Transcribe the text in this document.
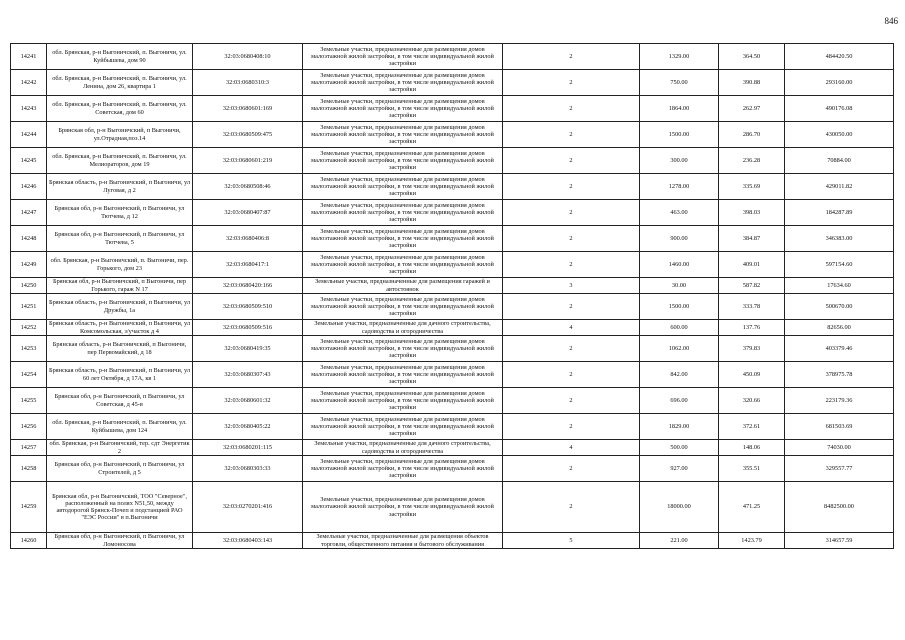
846
14241	обл. Брянская, р-н Выгоничский, п. Выгоничи, ул. Куйбышева, дом 90	32:03:0680408:10	Земельные участки, предназначенные для размещения домов малоэтажной жилой застройки, в том числе индивидуальной жилой застройки	2	1329.00	364.50	484420.50
14242	обл. Брянская, р-н Выгоничский, п. Выгоничи, ул. Ленина, дом 26, квартира 1	32:03:0680310:3	Земельные участки, предназначенные для размещения домов малоэтажной жилой застройки, в том числе индивидуальной жилой застройки	2	750.00	390.88	293160.00
14243	обл. Брянская, р-н Выгоничский, п. Выгоничи, ул. Советская, дом 60	32:03:0680601:169	Земельные участки, предназначенные для размещения домов малоэтажной жилой застройки, в том числе индивидуальной жилой застройки	2	1864.00	262.97	490176.08
14244	Брянская обл, р-н Выгоничский, п Выгоничи, ул.Отрадная,поз.14	32:03:0680509:475	Земельные участки, предназначенные для размещения домов малоэтажной жилой застройки, в том числе индивидуальной жилой застройки	2	1500.00	286.70	430050.00
14245	обл. Брянская, р-н Выгоничский, п. Выгоничи, ул. Мелиораторов, дом 19	32:03:0680601:219	Земельные участки, предназначенные для размещения домов малоэтажной жилой застройки, в том числе индивидуальной жилой застройки	2	300.00	236.28	70884.00
14246	Брянская область, р-н Выгоничский, п Выгоничи, ул Луговая, д 2	32:03:0680508:46	Земельные участки, предназначенные для размещения домов малоэтажной жилой застройки, в том числе индивидуальной жилой застройки	2	1278.00	335.69	429011.82
14247	Брянская обл, р-н Выгоничский, п Выгоничи, ул Тютчева, д 12	32:03:0680407:87	Земельные участки, предназначенные для размещения домов малоэтажной жилой застройки, в том числе индивидуальной жилой застройки	2	463.00	398.03	184287.89
14248	Брянская обл, р-н Выгоничский, п Выгоничи, ул Тютчева, 5	32:03:0680406:8	Земельные участки, предназначенные для размещения домов малоэтажной жилой застройки, в том числе индивидуальной жилой застройки	2	900.00	384.87	346383.00
14249	обл. Брянская, р-н Выгоничский, п. Выгоничи, пер. Горького, дом 23	32:03:0680417:1	Земельные участки, предназначенные для размещения домов малоэтажной жилой застройки, в том числе индивидуальной жилой застройки	2	1460.00	409.01	597154.60
14250	Брянская обл, р-н Выгоничский, п Выгоничи, пер Горького, гараж N 17	32:03:0680420:166	Земельные участки, предназначенные для размещения гаражей и автостоянок	3	30.00	587.82	17634.60
14251	Брянская область, р-н Выгоничский, п Выгоничи, ул Дружбы, 1а	32:03:0680509:510	Земельные участки, предназначенные для размещения домов малоэтажной жилой застройки, в том числе индивидуальной жилой застройки	2	1500.00	333.78	500670.00
14252	Брянская область, р-н Выгоничский, п Выгоничи, ул Комсомольская, з/участок д 4	32:03:0680509:516	Земельные участки, предназначенные для дачного строительства, садоводства и огородничества	4	600.00	137.76	82656.00
14253	Брянская область, р-н Выгоничский, п Выгоничи, пер Первомайский, д 18	32:03:0680419:35	Земельные участки, предназначенные для размещения домов малоэтажной жилой застройки, в том числе индивидуальной жилой застройки	2	1062.00	379.83	403379.46
14254	Брянская область, р-н Выгоничский, п Выгоничи, ул 60 лет Октября, д 17А, кв 1	32:03:0680307:43	Земельные участки, предназначенные для размещения домов малоэтажной жилой застройки, в том числе индивидуальной жилой застройки	2	842.00	450.09	378975.78
14255	Брянская обл, р-н Выгоничский, п Выгоничи, ул Советская, д 45-в	32:03:0680601:32	Земельные участки, предназначенные для размещения домов малоэтажной жилой застройки, в том числе индивидуальной жилой застройки	2	696.00	320.66	223179.36
14256	обл. Брянская, р-н Выгоничский, п. Выгоничи, ул. Куйбышева, дом 124	32:03:0680405:22	Земельные участки, предназначенные для размещения домов малоэтажной жилой застройки, в том числе индивидуальной жилой застройки	2	1829.00	372.61	681503.69
14257	обл. Брянская, р-н Выгоничский, тер. сдт Энергетик 2	32:03:0680201:115	Земельные участки, предназначенные для дачного строительства, садоводства и огородничества	4	500.00	148.06	74030.00
14258	Брянская обл, р-н Выгоничский, п Выгоничи, ул Строителей, д 5	32:03:0680303:33	Земельные участки, предназначенные для размещения домов малоэтажной жилой застройки, в том числе индивидуальной жилой застройки	2	927.00	355.51	329557.77
14259	Брянская обл, р-н Выгоничский, ТОО "Северное", расположенный на полях N51,50, между автодорогой Брянск-Почеп и подстанцией РАО "ЕЭС России" в п.Выгоничи	32:03:0270201:416	Земельные участки, предназначенные для размещения домов малоэтажной жилой застройки, в том числе индивидуальной жилой застройки	2	18000.00	471.25	8482500.00
14260	Брянская обл, р-н Выгоничский, п Выгоничи, ул Ломоносова	32:03:0680403:143	Земельные участки, предназначенные для размещения объектов торговли, общественного питания и бытового обслуживания	5	221.00	1423.79	314657.59
